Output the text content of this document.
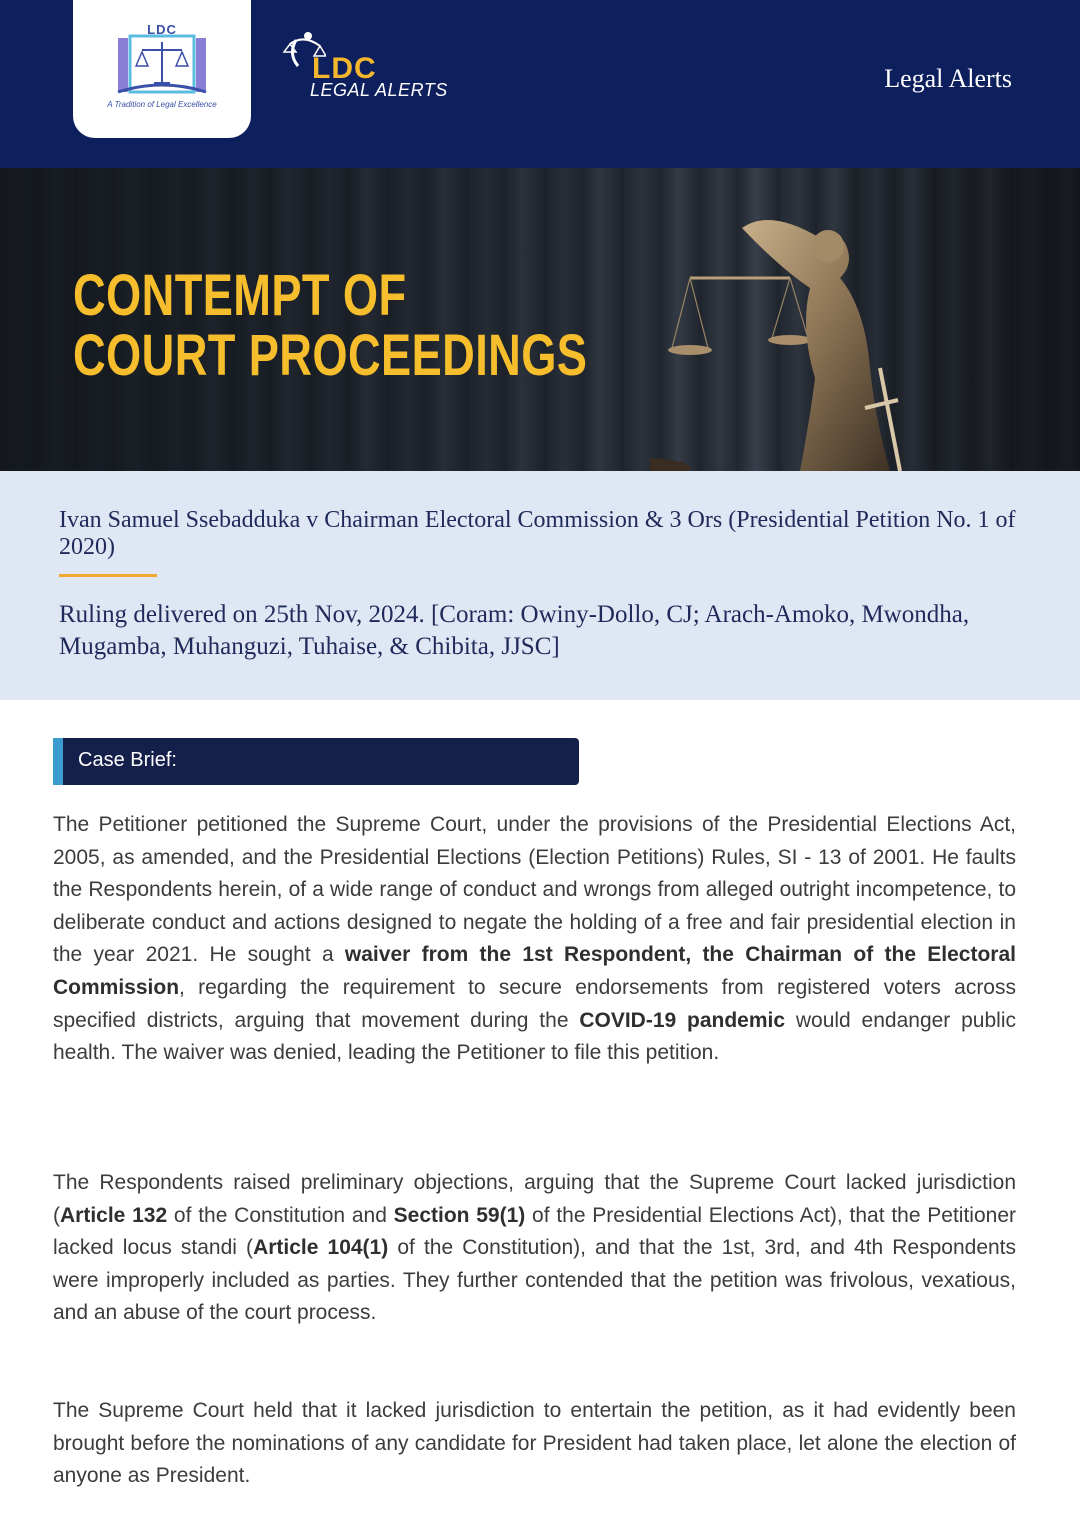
LDC
A Tradition of Legal Excellence
LDC
LEGAL ALERTS	Legal Alerts
CONTEMPT OF
COURT PROCEEDINGS
Ivan Samuel Ssebadduka v Chairman Electoral Commission & 3 Ors (Presidential Petition No. 1 of 2020)
Ruling delivered on 25th Nov, 2024. [Coram: Owiny-Dollo, CJ; Arach-Amoko, Mwondha, Mugamba, Muhanguzi, Tuhaise, & Chibita, JJSC]
Case Brief:
The Petitioner petitioned the Supreme Court, under the provisions of the Presidential Elections Act, 2005, as amended, and the Presidential Elections (Election Petitions) Rules, SI - 13 of 2001. He faults the Respondents herein, of a wide range of conduct and wrongs from alleged outright incompetence, to deliberate conduct and actions designed to negate the holding of a free and fair presidential election in the year 2021. He sought a waiver from the 1st Respondent, the Chairman of the Electoral Commission, regarding the requirement to secure endorsements from registered voters across specified districts, arguing that movement during the COVID-19 pandemic would endanger public health. The waiver was denied, leading the Petitioner to file this petition.
The Respondents raised preliminary objections, arguing that the Supreme Court lacked jurisdiction (Article 132 of the Constitution and Section 59(1) of the Presidential Elections Act), that the Petitioner lacked locus standi (Article 104(1) of the Constitution), and that the 1st, 3rd, and 4th Respondents were improperly included as parties. They further contended that the petition was frivolous, vexatious, and an abuse of the court process.
The Supreme Court held that it lacked jurisdiction to entertain the petition, as it had evidently been brought before the nominations of any candidate for President had taken place, let alone the election of anyone as President.
